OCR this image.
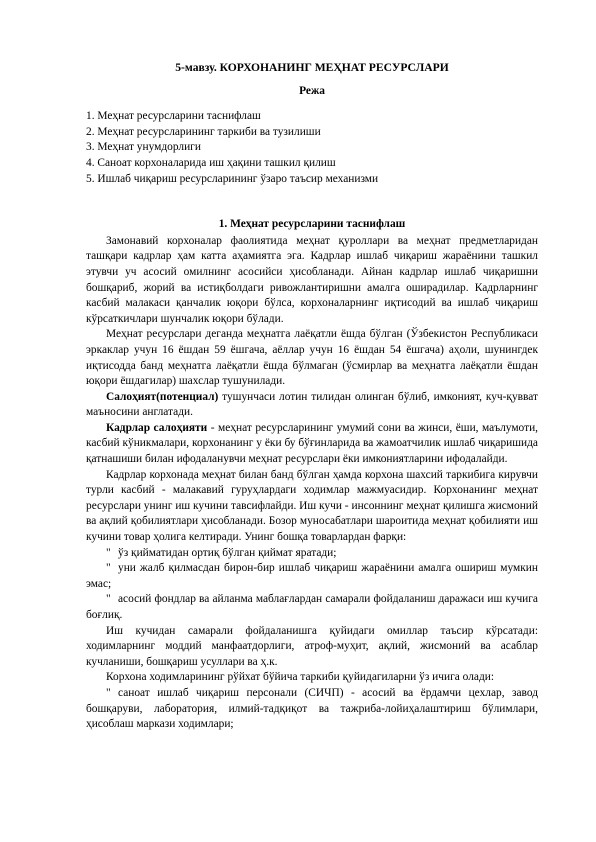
5-мавзу. КОРХОНАНИНГ МЕҲНАТ РЕСУРСЛАРИ
Режа
1. Меҳнат ресурсларини таснифлаш
2. Меҳнат ресурсларининг таркиби ва тузилиши
3. Меҳнат унумдорлиги
4. Саноат корхоналарида иш ҳақини ташкил қилиш
5. Ишлаб чиқариш ресурсларининг ўзаро таъсир механизми
1. Меҳнат ресурсларини таснифлаш

Замонавий корхоналар фаолиятида меҳнат қуроллари ва меҳнат предметларидан ташқари кадрлар ҳам катта аҳамиятга эга. Кадрлар ишлаб чиқариш жараёнини ташкил этувчи уч асосий омилнинг асосийси ҳисобланади. Айнан кадрлар ишлаб чиқаришни бошқариб, жорий ва истиқболдаги ривожлантиришни амалга оширадилар. Кадрларнинг касбий малакаси қанчалик юқори бўлса, корхоналарнинг иқтисодий ва ишлаб чиқариш кўрсаткичлари шунчалик юқори бўлади.

Меҳнат ресурслари деганда меҳнатга лаёқатли ёшда бўлган (Ўзбекистон Республикаси эркаклар учун 16 ёшдан 59 ёшгача, аёллар учун 16 ёшдан 54 ёшгача) аҳоли, шунингдек иқтисодда банд меҳнатга лаёқатли ёшда бўлмаган (ўсмирлар ва меҳнатга лаёқатли ёшдан юқори ёшдагилар) шахслар тушунилади.

Салоҳият(потенциал) тушунчаси лотин тилидан олинган бўлиб, имконият, куч-қувват маъносини англатади.

Кадрлар салоҳияти - меҳнат ресурсларининг умумий сони ва жинси, ёши, маълумоти, касбий кўникмалари, корхонанинг у ёки бу бўғинларида ва жамоатчилик ишлаб чиқаришида қатнашиши билан ифодаланувчи меҳнат ресурслари ёки имкониятларини ифодалайди.

Кадрлар корхонада меҳнат билан банд бўлган ҳамда корхона шахсий таркибига кирувчи турли касбий - малакавий гуруҳлардаги ходимлар мажмуасидир. Корхонанинг меҳнат ресурслари унинг иш кучини тавсифлайди. Иш кучи - инсоннинг меҳнат қилишга жисмоний ва ақлий қобилиятлари ҳисобланади. Бозор муносабатлари шароитида меҳнат қобилияти иш кучини товар ҳолига келтиради. Унинг бошқа товарлардан фарқи:

" ўз қийматидан ортиқ бўлган қиймат яратади;

" уни жалб қилмасдан бирон-бир ишлаб чиқариш жараёнини амалга ошириш мумкин эмас;

" асосий фондлар ва айланма маблағлардан самарали фойдаланиш даражаси иш кучига боғлиқ.

Иш кучидан самарали фойдаланишга қуйидаги омиллар таъсир кўрсатади: ходимларнинг моддий манфаатдорлиги, атроф-муҳит, ақлий, жисмоний ва асаблар кучланиши, бошқариш усуллари ва ҳ.к.

Корхона ходимларининг рўйхат бўйича таркиби қуйидагиларни ўз ичига олади:

" саноат ишлаб чиқариш персонали (СИЧП) - асосий ва ёрдамчи цехлар, завод бошқаруви, лаборатория, илмий-тадқиқот ва тажриба-лойиҳалаштириш бўлимлари, ҳисоблаш маркази ходимлари;
